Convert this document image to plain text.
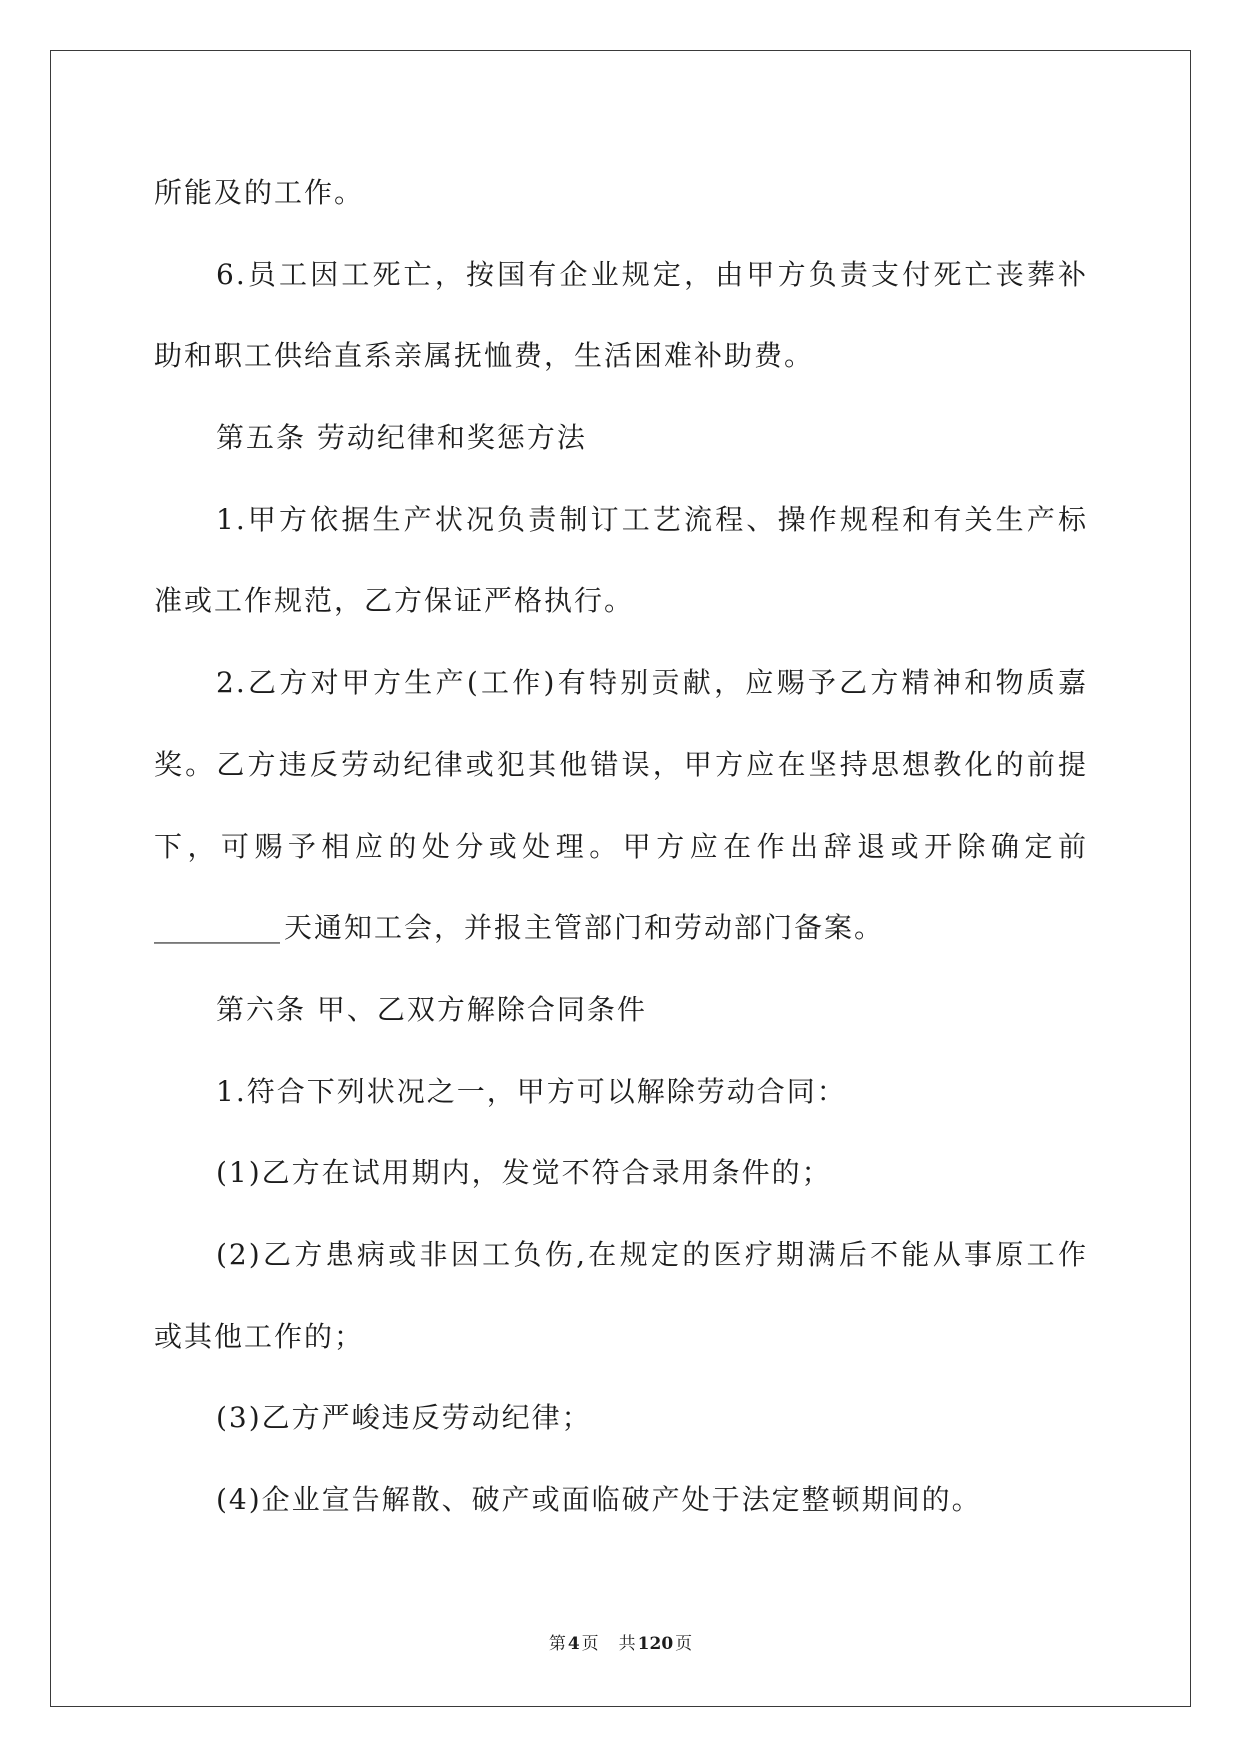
所能及的工作。
6.员工因工死亡，按国有企业规定，由甲方负责支付死亡丧葬补
助和职工供给直系亲属抚恤费，生活困难补助费。
第五条 劳动纪律和奖惩方法
1.甲方依据生产状况负责制订工艺流程、操作规程和有关生产标
准或工作规范，乙方保证严格执行。
2.乙方对甲方生产(工作)有特别贡献，应赐予乙方精神和物质嘉
奖。乙方违反劳动纪律或犯其他错误，甲方应在坚持思想教化的前提
下，可赐予相应的处分或处理。甲方应在作出辞退或开除确定前
_________ 天通知工会，并报主管部门和劳动部门备案。
第六条 甲、乙双方解除合同条件
1.符合下列状况之一，甲方可以解除劳动合同：
(1)乙方在试用期内，发觉不符合录用条件的；
(2)乙方患病或非因工负伤,在规定的医疗期满后不能从事原工作
或其他工作的；
(3)乙方严峻违反劳动纪律；
(4)企业宣告解散、破产或面临破产处于法定整顿期间的。
第 4 页 共 120 页
